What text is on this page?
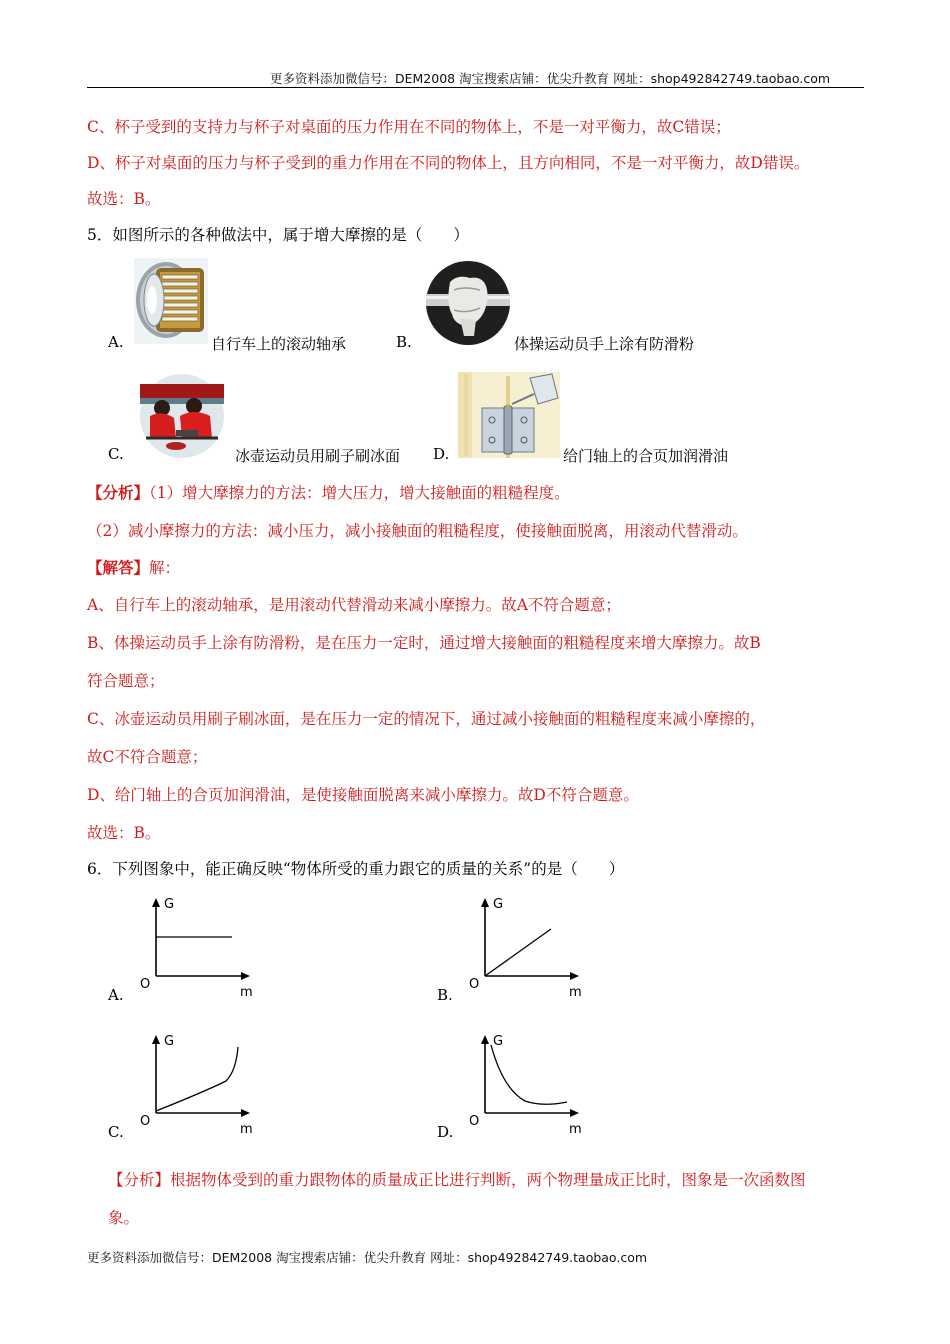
更多资料添加微信号：DEM2008 淘宝搜索店铺：优尖升教育 网址：shop492842749.taobao.com
C、杯子受到的支持力与杯子对桌面的压力作用在不同的物体上，不是一对平衡力，故C错误；
D、杯子对桌面的压力与杯子受到的重力作用在不同的物体上，且方向相同，不是一对平衡力，故D错误。
故选：B。
5．如图所示的各种做法中，属于增大摩擦的是（　　）
A.	自行车上的滚动轴承	B.	体操运动员手上涂有防滑粉
C.	冰壶运动员用刷子刷冰面 D.	给门轴上的合页加润滑油
【分析】（1）增大摩擦力的方法：增大压力，增大接触面的粗糙程度。
（2）减小摩擦力的方法：减小压力，减小接触面的粗糙程度，使接触面脱离，用滚动代替滑动。
【解答】解：
A、自行车上的滚动轴承，是用滚动代替滑动来减小摩擦力。故A不符合题意；
B、体操运动员手上涂有防滑粉，是在压力一定时，通过增大接触面的粗糙程度来增大摩擦力。故B
符合题意；
C、冰壶运动员用刷子刷冰面，是在压力一定的情况下，通过减小接触面的粗糙程度来减小摩擦的，
故C不符合题意；
D、给门轴上的合页加润滑油，是使接触面脱离来减小摩擦力。故D不符合题意。
故选：B。
6．下列图象中，能正确反映“物体所受的重力跟它的质量的关系”的是（　　）
A.
G
O
m	B.
G
O
m
C.
G
O
m	D.
G
O
m
【分析】根据物体受到的重力跟物体的质量成正比进行判断，两个物理量成正比时，图象是一次函数图
象。
更多资料添加微信号：DEM2008 淘宝搜索店铺：优尖升教育 网址：shop492842749.taobao.com
